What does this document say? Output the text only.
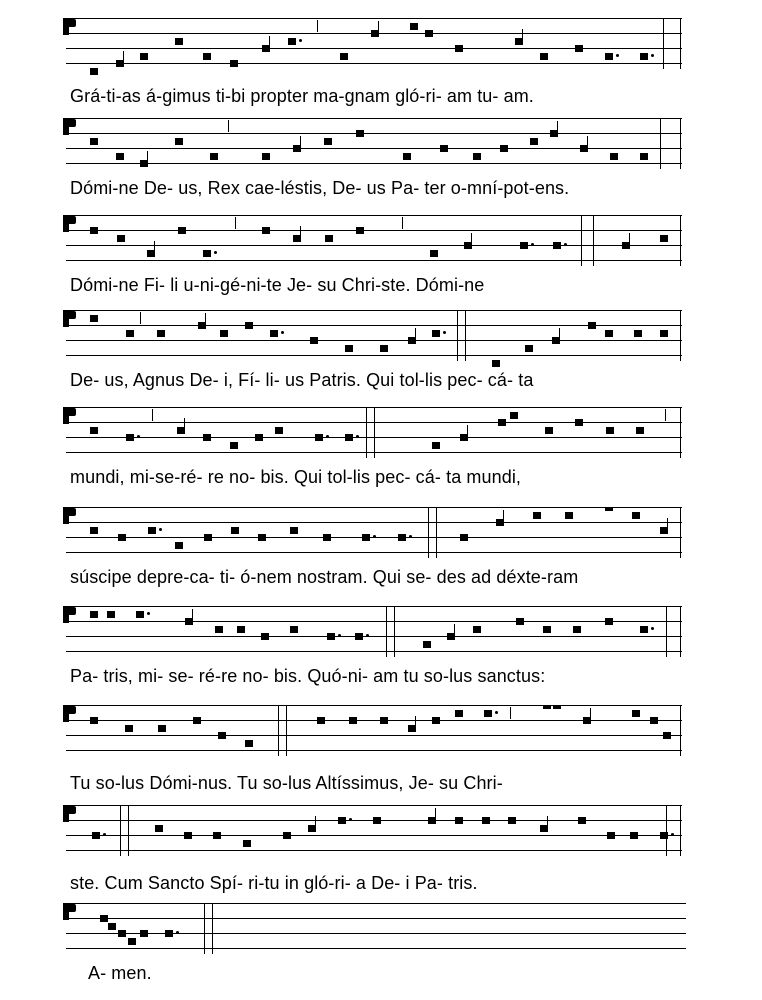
Grá-ti-as á-gimus ti-bi propter ma-gnam gló-ri- am tu- am.
Dómi-ne De- us, Rex cae-léstis, De- us Pa- ter o-mní-pot-ens.
Dómi-ne Fi- li u-ni-gé-ni-te Je- su Chri-ste. Dómi-ne
De- us, Agnus De- i, Fí- li- us Patris. Qui tol-lis pec- cá- ta
mundi, mi-se-ré- re no- bis. Qui tol-lis pec- cá- ta mundi,
súscipe depre-ca- ti- ó-nem nostram. Qui se- des ad déxte-ram
Pa- tris, mi- se- ré-re no- bis. Quó-ni- am tu so-lus sanctus:
Tu so-lus Dómi-nus. Tu so-lus Altíssimus, Je- su Chri-
ste. Cum Sancto Spí- ri-tu in gló-ri- a De- i Pa- tris.
A- men.
